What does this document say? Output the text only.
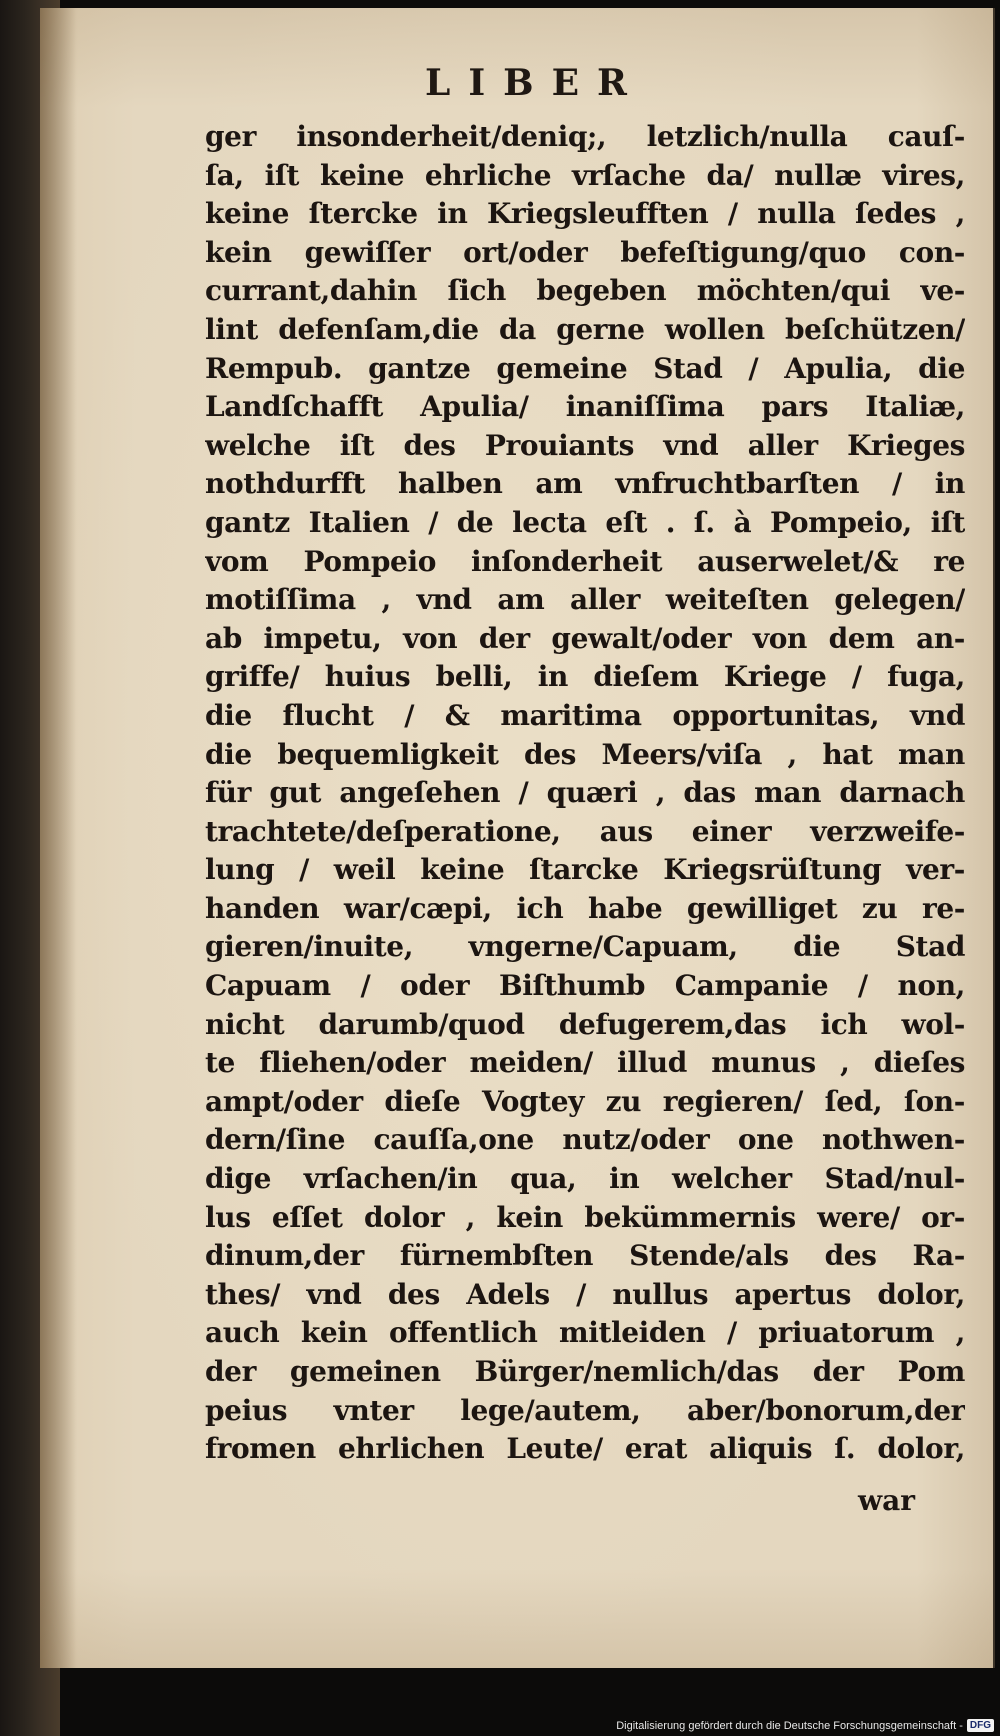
LIBER
ger insonderheit/deniq;, letzlich/nulla cauſ-
ſa, iſt keine ehrliche vrſache da/ nullæ vires,
keine ſtercke in Kriegsleufften / nulla ſedes ,
kein gewiſſer ort/oder befeſtigung/quo con-
currant,dahin ſich begeben möchten/qui ve-
lint defenſam,die da gerne wollen beſchützen/
Rempub. gantze gemeine Stad / Apulia, die
Landſchafft Apulia/ inaniſſima pars Italiæ,
welche iſt des Prouiants vnd aller Krieges
nothdurfft halben am vnfruchtbarſten / in
gantz Italien / de lecta eſt . ſ. à Pompeio, iſt
vom Pompeio inſonderheit auserwelet/& re
motiſſima , vnd am aller weiteſten gelegen/
ab impetu, von der gewalt/oder von dem an-
griffe/ huius belli, in dieſem Kriege / fuga,
die flucht / & maritima opportunitas, vnd
die bequemligkeit des Meers/viſa , hat man
für gut angeſehen / quæri , das man darnach
trachtete/deſperatione, aus einer verzweife-
lung / weil keine ſtarcke Kriegsrüſtung ver-
handen war/cæpi, ich habe gewilliget zu re-
gieren/inuite, vngerne/Capuam, die Stad
Capuam / oder Biſthumb Campanie / non,
nicht darumb/quod defugerem,das ich wol-
te fliehen/oder meiden/ illud munus , dieſes
ampt/oder dieſe Vogtey zu regieren/ ſed, ſon-
dern/ſine cauſſa,one nutz/oder one nothwen-
dige vrſachen/in qua, in welcher Stad/nul-
lus eſſet dolor , kein bekümmernis were/ or-
dinum,der fürnembſten Stende/als des Ra-
thes/ vnd des Adels / nullus apertus dolor,
auch kein offentlich mitleiden / priuatorum ,
der gemeinen Bürger/nemlich/das der Pom
peius vnter lege/autem, aber/bonorum,der
fromen ehrlichen Leute/ erat aliquis ſ. dolor,
war
Digitalisierung gefördert durch die Deutsche Forschungsgemeinschaft - DFG
